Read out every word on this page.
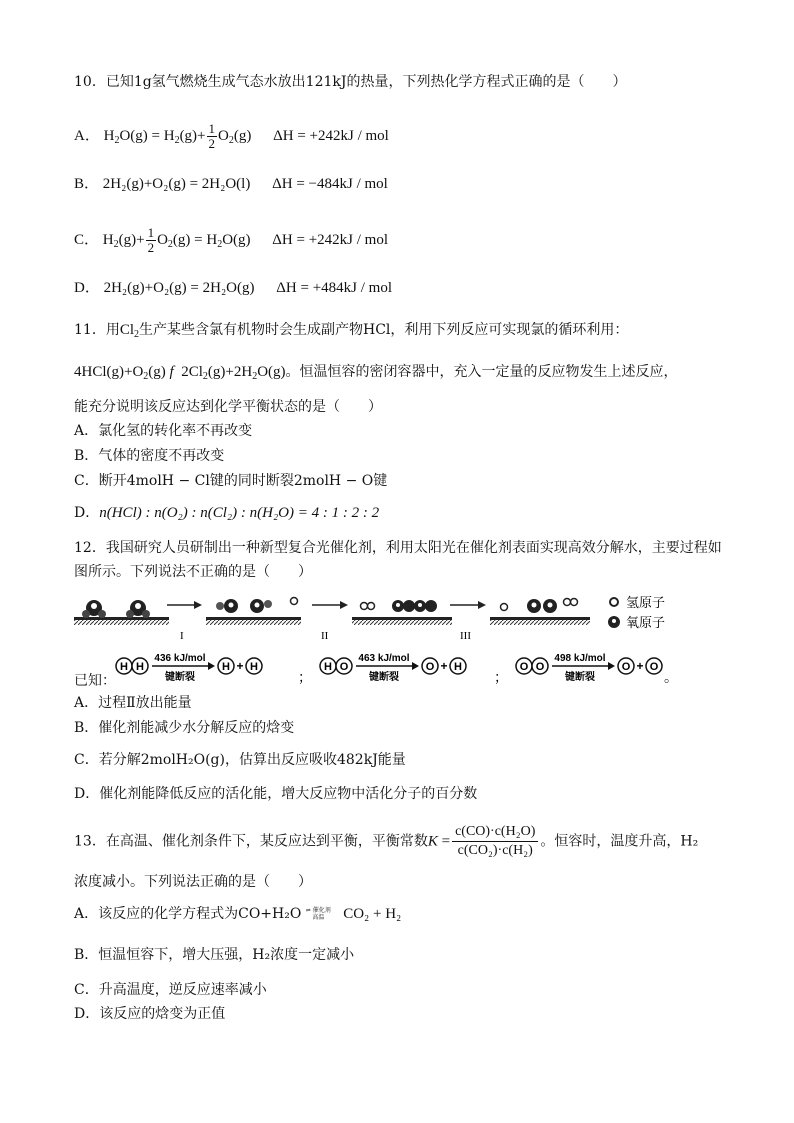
10．已知1g氢气燃烧生成气态水放出121kJ的热量，下列热化学方程式正确的是（　　）
A． $H_2O(g) = H_2(g)+ \frac{1}{2} O_2(g) \Delta H = +242kJ$ / mol
B． 2H₂(g)+O₂(g) = 2H₂O(l) ΔH = −484kJ / mol
C． $H_2(g)+ \frac{1}{2} O_2(g) = H_2O(g) \Delta H = +242kJ$ / mol
D． 2H₂(g)+O₂(g) = 2H₂O(g) ΔH = +484kJ / mol
11．用$Cl_2$生产某些含氯有机物时会生成副产物HCl，利用下列反应可实现氯的循环利用：
$4HCl(g)+O_2(g)$ f  $2Cl_2(g)+2H_2O(g)$。恒温恒容的密闭容器中，充入一定量的反应物发生上述反应，
能充分说明该反应达到化学平衡状态的是（　　）
A．氯化氢的转化率不再改变
B．气体的密度不再改变
C．断开4molH − Cl键的同时断裂2molH − O键
D．n(HCl) : n(O₂) : n(Cl₂) : n(H₂O) = 4 : 1 : 2 : 2
12．我国研究人员研制出一种新型复合光催化剂，利用太阳光在催化剂表面实现高效分解水，主要过程如
图所示。下列说法不正确的是（　　）
I	II	III
氢原子
氧原子
已知：
H H
436 kJ/mol
键断裂
H + H
；
H O
463 kJ/mol
键断裂
O + H
；
O O
498 kJ/mol
键断裂
O + O
。
A．过程Ⅱ放出能量
B．催化剂能减少水分解反应的焓变
C．若分解2molH₂O(g)，估算出反应吸收482kJ能量
D．催化剂能降低反应的活化能，增大反应物中活化分子的百分数
13．在高温、催化剂条件下，某反应达到平衡，平衡常数$K = \frac{\text{c(CO)·c(H₂O)}}{\text{c(CO₂)·c(H₂)}}$ 。恒容时，温度升高，H₂
浓度减小。下列说法正确的是（　　）
A．该反应的化学方程式为CO+H₂O ⇌ 催化剂
高温 CO₂ + H₂
B．恒温恒容下，增大压强，H₂浓度一定减小
C．升高温度，逆反应速率减小
D．该反应的焓变为正值
